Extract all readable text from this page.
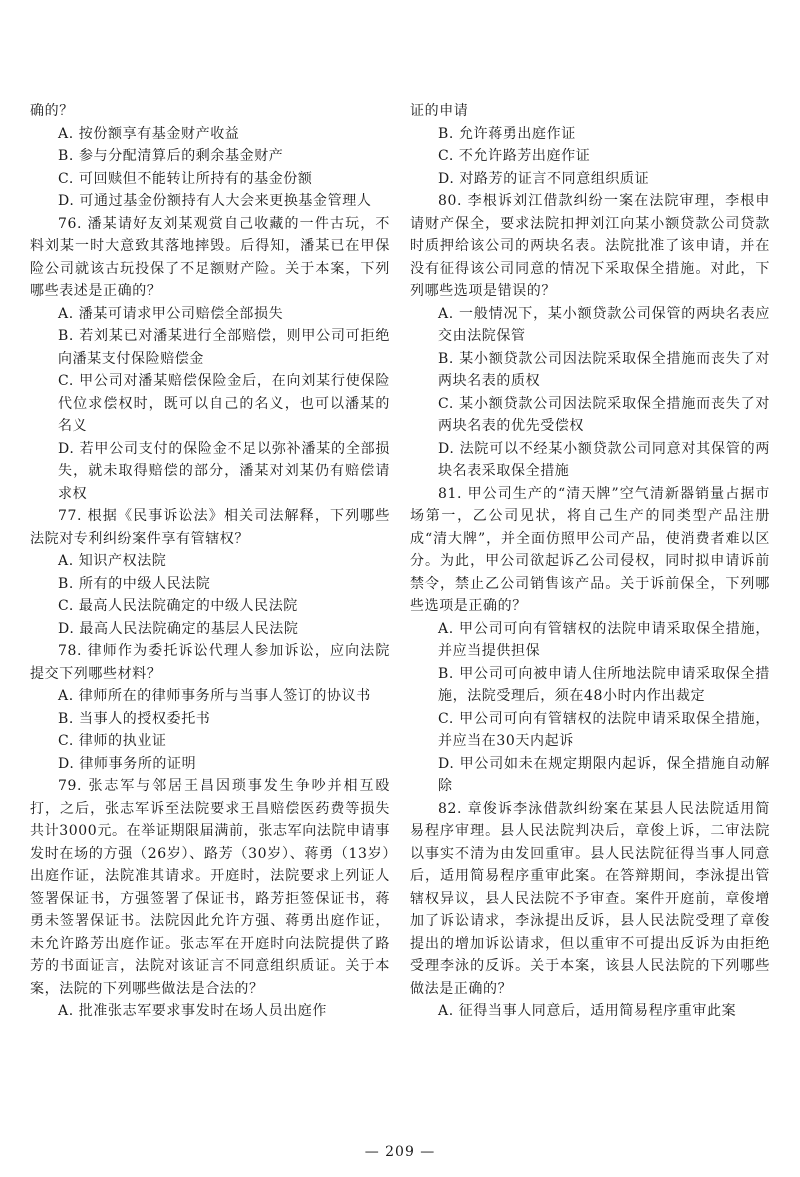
确的？

A. 按份额享有基金财产收益

B. 参与分配清算后的剩余基金财产

C. 可回赎但不能转让所持有的基金份额

D. 可通过基金份额持有人大会来更换基金管理人

76. 潘某请好友刘某观赏自己收藏的一件古玩，不料刘某一时大意致其落地摔毁。后得知，潘某已在甲保险公司就该古玩投保了不足额财产险。关于本案，下列哪些表述是正确的？

A. 潘某可请求甲公司赔偿全部损失

B. 若刘某已对潘某进行全部赔偿，则甲公司可拒绝向潘某支付保险赔偿金

C. 甲公司对潘某赔偿保险金后，在向刘某行使保险代位求偿权时，既可以自己的名义，也可以潘某的名义

D. 若甲公司支付的保险金不足以弥补潘某的全部损失，就未取得赔偿的部分，潘某对刘某仍有赔偿请求权

77. 根据《民事诉讼法》相关司法解释，下列哪些法院对专利纠纷案件享有管辖权？

A. 知识产权法院

B. 所有的中级人民法院

C. 最高人民法院确定的中级人民法院

D. 最高人民法院确定的基层人民法院

78. 律师作为委托诉讼代理人参加诉讼，应向法院提交下列哪些材料？

A. 律师所在的律师事务所与当事人签订的协议书

B. 当事人的授权委托书

C. 律师的执业证

D. 律师事务所的证明

79. 张志军与邻居王昌因琐事发生争吵并相互殴打，之后，张志军诉至法院要求王昌赔偿医药费等损失共计3000元。在举证期限届满前，张志军向法院申请事发时在场的方强（26岁）、路芳（30岁）、蒋勇（13岁）出庭作证，法院准其请求。开庭时，法院要求上列证人签署保证书，方强签署了保证书，路芳拒签保证书，蒋勇未签署保证书。法院因此允许方强、蒋勇出庭作证，未允许路芳出庭作证。张志军在开庭时向法院提供了路芳的书面证言，法院对该证言不同意组织质证。关于本案，法院的下列哪些做法是合法的？

A. 批准张志军要求事发时在场人员出庭作

证的申请

B. 允许蒋勇出庭作证

C. 不允许路芳出庭作证

D. 对路芳的证言不同意组织质证

80. 李根诉刘江借款纠纷一案在法院审理，李根申请财产保全，要求法院扣押刘江向某小额贷款公司贷款时质押给该公司的两块名表。法院批准了该申请，并在没有征得该公司同意的情况下采取保全措施。对此，下列哪些选项是错误的？

A. 一般情况下，某小额贷款公司保管的两块名表应交由法院保管

B. 某小额贷款公司因法院采取保全措施而丧失了对两块名表的质权

C. 某小额贷款公司因法院采取保全措施而丧失了对两块名表的优先受偿权

D. 法院可以不经某小额贷款公司同意对其保管的两块名表采取保全措施

81. 甲公司生产的“清天牌”空气清新器销量占据市场第一，乙公司见状，将自己生产的同类型产品注册成“清大牌”，并全面仿照甲公司产品，使消费者难以区分。为此，甲公司欲起诉乙公司侵权，同时拟申请诉前禁令，禁止乙公司销售该产品。关于诉前保全，下列哪些选项是正确的？

A. 甲公司可向有管辖权的法院申请采取保全措施，并应当提供担保

B. 甲公司可向被申请人住所地法院申请采取保全措施，法院受理后，须在48小时内作出裁定

C. 甲公司可向有管辖权的法院申请采取保全措施，并应当在30天内起诉

D. 甲公司如未在规定期限内起诉，保全措施自动解除

82. 章俊诉李泳借款纠纷案在某县人民法院适用简易程序审理。县人民法院判决后，章俊上诉，二审法院以事实不清为由发回重审。县人民法院征得当事人同意后，适用简易程序重审此案。在答辩期间，李泳提出管辖权异议，县人民法院不予审查。案件开庭前，章俊增加了诉讼请求，李泳提出反诉，县人民法院受理了章俊提出的增加诉讼请求，但以重审不可提出反诉为由拒绝受理李泳的反诉。关于本案，该县人民法院的下列哪些做法是正确的？

A. 征得当事人同意后，适用简易程序重审此案

— 209 —
